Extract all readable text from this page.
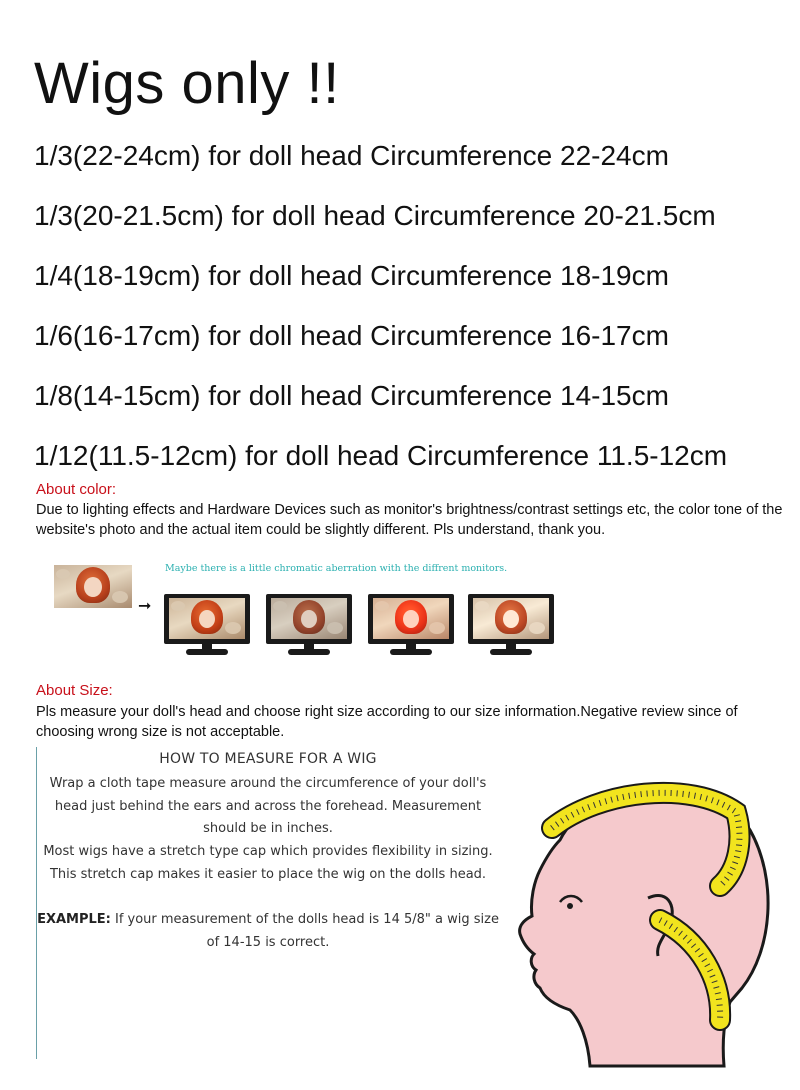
Wigs only !!
1/3(22-24cm) for doll head Circumference 22-24cm
1/3(20-21.5cm) for doll head Circumference 20-21.5cm
1/4(18-19cm) for doll head Circumference 18-19cm
1/6(16-17cm) for doll head Circumference 16-17cm
1/8(14-15cm) for doll head Circumference 14-15cm
1/12(11.5-12cm) for doll head Circumference 11.5-12cm
About color:
Due to lighting effects and Hardware Devices such as monitor's brightness/contrast settings etc, the color tone of the website's photo and the actual item could be slightly different. Pls understand, thank you.
Maybe there is a little chromatic aberration with the diffrent monitors.
➞
About Size:
Pls measure your doll's head and choose right size according to our size information.Negative review since of choosing wrong size is not acceptable.
HOW TO MEASURE FOR A WIG
Wrap a cloth tape measure around the circumference of your doll's head just behind the ears and across the forehead. Measurement should be in inches.
Most wigs have a stretch type cap which provides flexibility in sizing. This stretch cap makes it easier to place the wig on the dolls head.
EXAMPLE: If your measurement of the dolls head is 14 5/8" a wig size of 14-15 is correct.
